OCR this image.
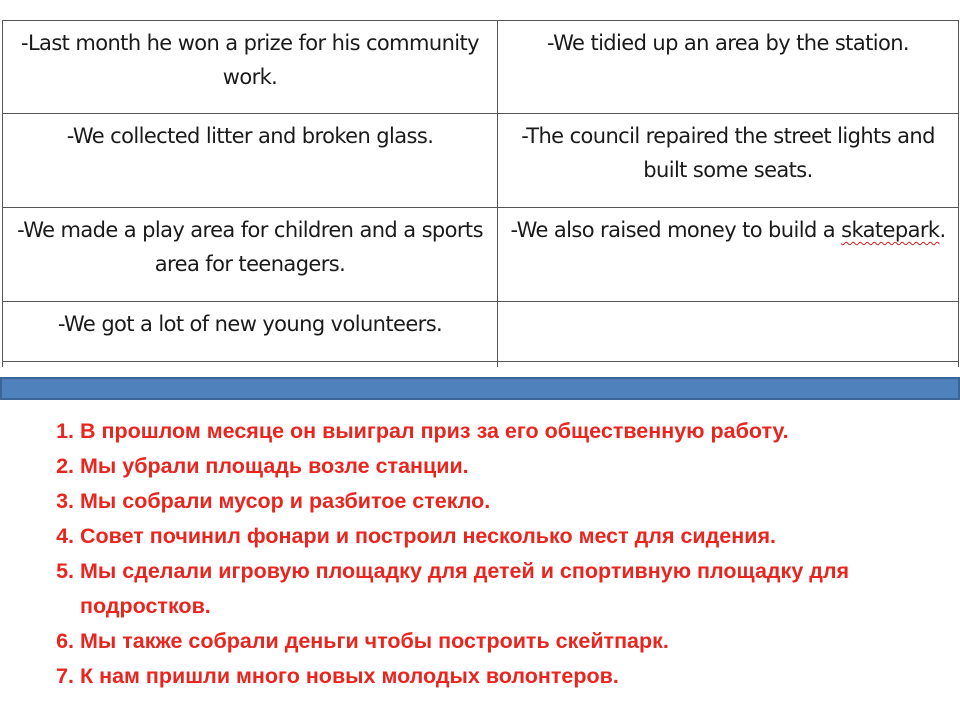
-Last month he won a prize for his community work.	-We tidied up an area by the station.
-We collected litter and broken glass.	-The council repaired the street lights and built some seats.
-We made a play area for children and a sports area for teenagers.	-We also raised money to build a skatepark.
-We got a lot of new young volunteers.	

1. В прошлом месяце он выиграл приз за его общественную работу.
2. Мы убрали площадь возле станции.
3. Мы собрали мусор и разбитое стекло.
4. Совет починил фонари и построил несколько мест для сидения.
5. Мы сделали игровую площадку для детей и спортивную площадку для подростков.
6. Мы также собрали деньги чтобы построить скейтпарк.
7. К нам пришли много новых молодых волонтеров.
